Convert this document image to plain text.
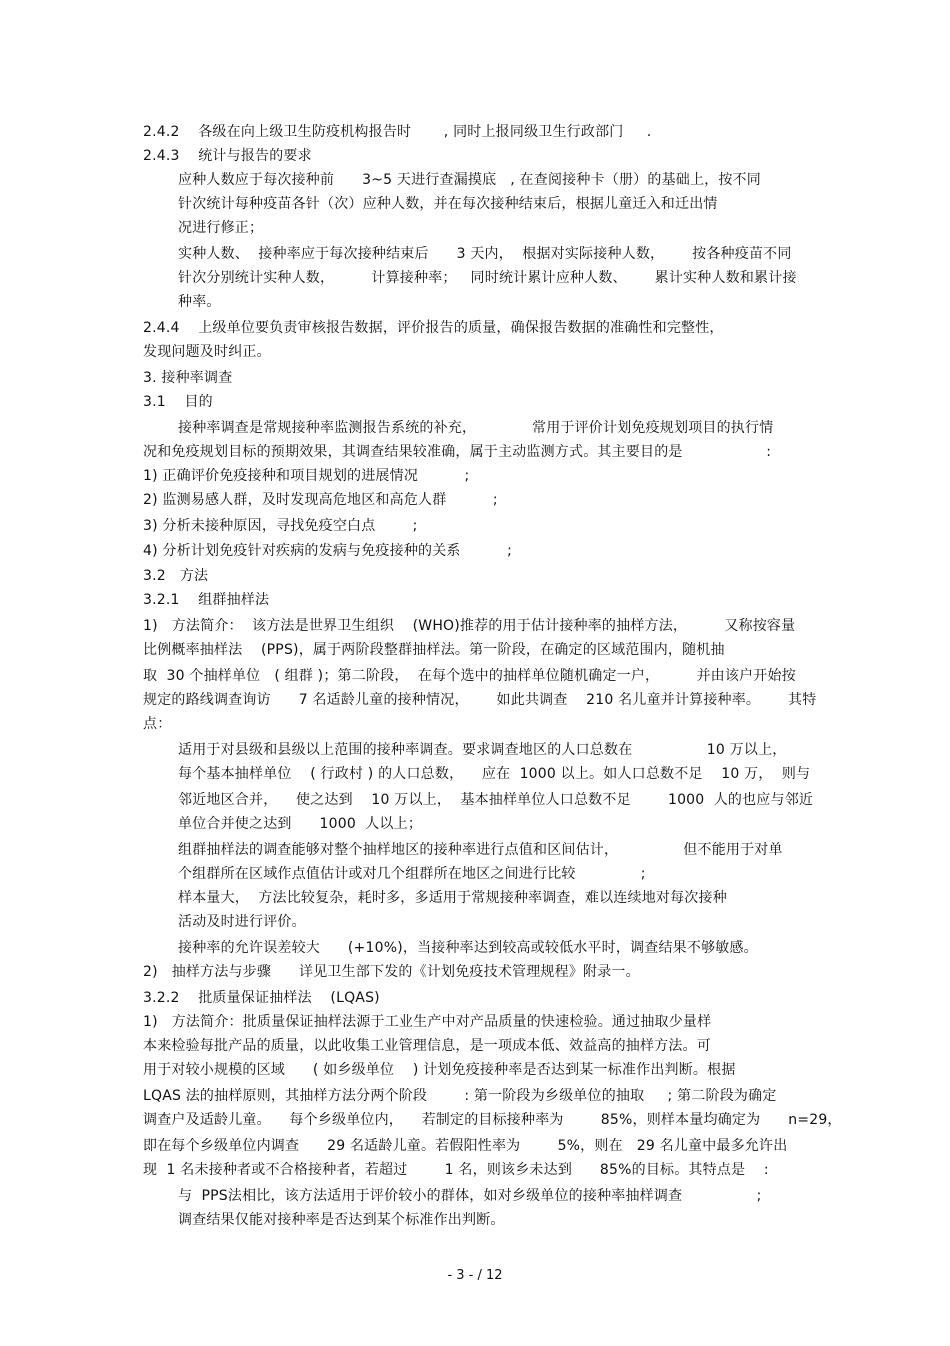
2.4.2    各级在向上级卫生防疫机构报告时       , 同时上报同级卫生行政部门     .
2.4.3    统计与报告的要求
应种人数应于每次接种前      3~5 天进行查漏摸底   , 在查阅接种卡（册）的基础上，按不同
针次统计每种疫苗各针（次）应种人数，并在每次接种结束后，根据儿童迁入和迁出情
况进行修正；
实种人数、  接种率应于每次接种结束后      3 天内，  根据对实际接种人数，      按各种疫苗不同
针次分别统计实种人数，        计算接种率；   同时统计累计应种人数、      累计实种人数和累计接
种率。
2.4.4    上级单位要负责审核报告数据，评价报告的质量，确保报告数据的准确性和完整性，
发现问题及时纠正。
3. 接种率调查
3.1    目的
接种率调查是常规接种率监测报告系统的补充，            常用于评价计划免疫规划项目的执行情
况和免疫规划目标的预期效果，其调查结果较准确，属于主动监测方式。其主要目的是                  :
1) 正确评价免疫接种和项目规划的进展情况          ;
2) 监测易感人群，及时发现高危地区和高危人群          ;
3) 分析未接种原因，寻找免疫空白点        ;
4) 分析计划免疫针对疾病的发病与免疫接种的关系          ;
3.2   方法
3.2.1    组群抽样法
1)   方法简介：  该方法是世界卫生组织    (WHO)推荐的用于估计接种率的抽样方法，        又称按容量
比例概率抽样法    (PPS)，属于两阶段整群抽样法。第一阶段，在确定的区域范围内，随机抽
取  30 个抽样单位   ( 组群 )；第二阶段，  在每个选中的抽样单位随机确定一户，        并由该户开始按
规定的路线调查询访      7 名适龄儿童的接种情况，      如此共调查    210 名儿童并计算接种率。      其特
点：
适用于对县级和县级以上范围的接种率调查。要求调查地区的人口总数在                10 万以上，
每个基本抽样单位    ( 行政村 ) 的人口总数，    应在  1000 以上。如人口总数不足    10 万，  则与
邻近地区合并，    使之达到    10 万以上，  基本抽样单位人口总数不足        1000  人的也应与邻近
单位合并使之达到      1000  人以上；
组群抽样法的调查能够对整个抽样地区的接种率进行点值和区间估计，              但不能用于对单
个组群所在区域作点值估计或对几个组群所在地区之间进行比较              ;
样本量大，  方法比较复杂，耗时多，多适用于常规接种率调查，难以连续地对每次接种
活动及时进行评价。
接种率的允许误差较大      (+10%)，当接种率达到较高或较低水平时，调查结果不够敏感。
2)   抽样方法与步骤      详见卫生部下发的《计划免疫技术管理规程》附录一。
3.2.2    批质量保证抽样法    (LQAS)
1)   方法简介：批质量保证抽样法源于工业生产中对产品质量的快速检验。通过抽取少量样
本来检验每批产品的质量，以此收集工业管理信息，是一项成本低、效益高的抽样方法。可
用于对较小规模的区域      ( 如乡级单位    ) 计划免疫接种率是否达到某一标准作出判断。根据
LQAS 法的抽样原则，其抽样方法分两个阶段        : 第一阶段为乡级单位的抽取     ; 第二阶段为确定
调查户及适龄儿童。    每个乡级单位内，    若制定的目标接种率为        85%，则样本量均确定为      n=29，
即在每个乡级单位内调查      29 名适龄儿童。若假阳性率为        5%，则在   29 名儿童中最多允许出
现  1 名未接种者或不合格接种者，若超过        1 名，则该乡未达到      85%的目标。其特点是    :
与  PPS法相比，该方法适用于评价较小的群体，如对乡级单位的接种率抽样调查                ;
调查结果仅能对接种率是否达到某个标准作出判断。
- 3 - / 12
